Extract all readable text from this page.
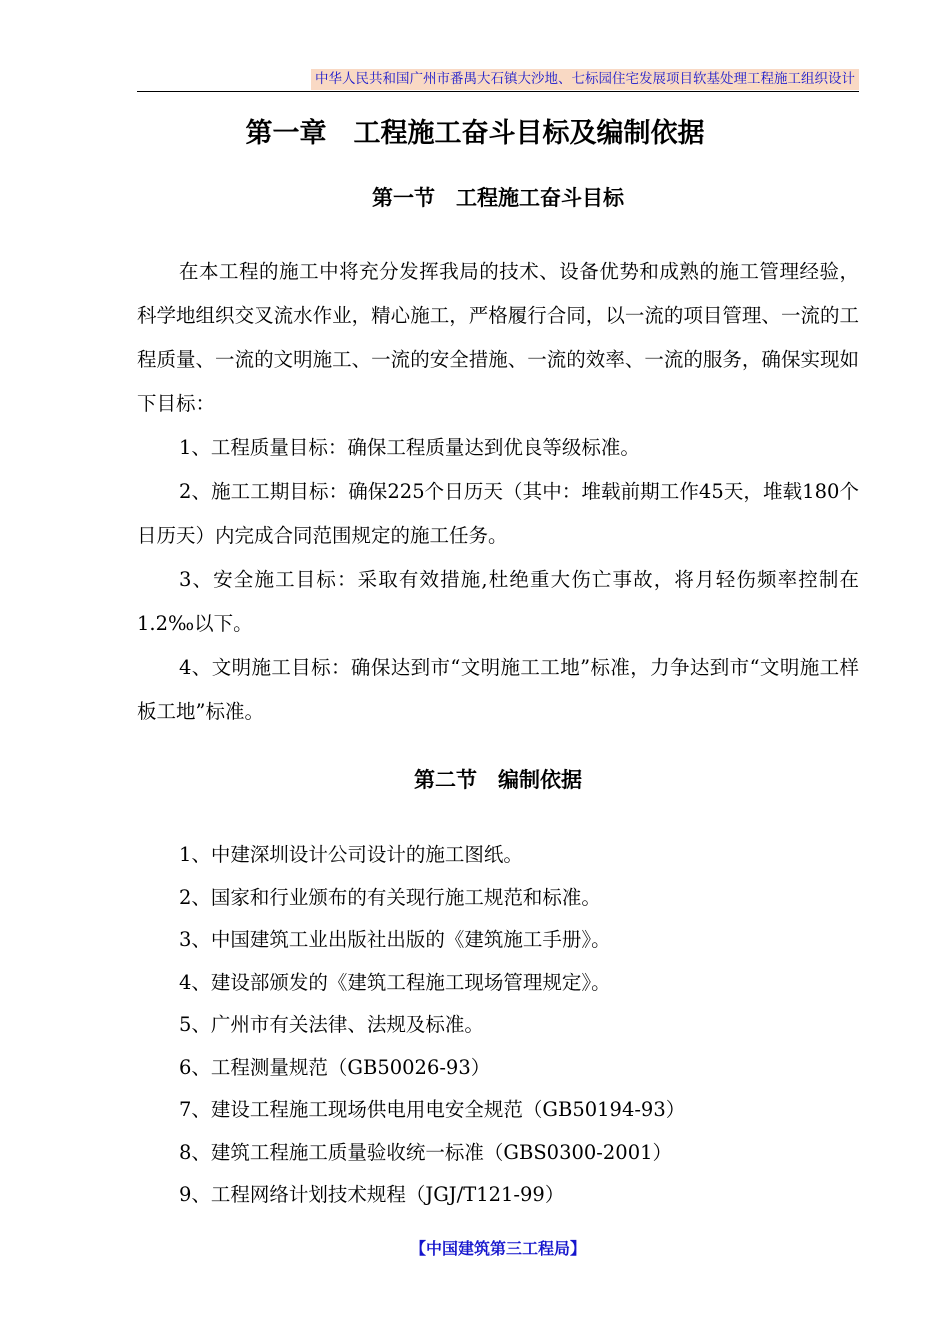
中华人民共和国广州市番禺大石镇大沙地、七标园住宅发展项目软基处理工程施工组织设计
第一章　工程施工奋斗目标及编制依据
第一节　工程施工奋斗目标

在本工程的施工中将充分发挥我局的技术、设备优势和成熟的施工管理经验，科学地组织交叉流水作业，精心施工，严格履行合同，以一流的项目管理、一流的工程质量、一流的文明施工、一流的安全措施、一流的效率、一流的服务，确保实现如下目标：

1、工程质量目标：确保工程质量达到优良等级标准。

2、施工工期目标：确保225个日历天（其中：堆载前期工作45天，堆载180个日历天）内完成合同范围规定的施工任务。

3、安全施工目标：采取有效措施,杜绝重大伤亡事故，将月轻伤频率控制在1.2‰以下。

4、文明施工目标：确保达到市“文明施工工地”标准，力争达到市“文明施工样板工地”标准。

第二节　编制依据

1、中建深圳设计公司设计的施工图纸。

2、国家和行业颁布的有关现行施工规范和标准。

3、中国建筑工业出版社出版的《建筑施工手册》。

4、建设部颁发的《建筑工程施工现场管理规定》。

5、广州市有关法律、法规及标准。

6、工程测量规范（GB50026-93）

7、建设工程施工现场供电用电安全规范（GB50194-93）

8、建筑工程施工质量验收统一标准（GBS0300-2001）

9、工程网络计划技术规程（JGJ/T121-99）

【中国建筑第三工程局】
